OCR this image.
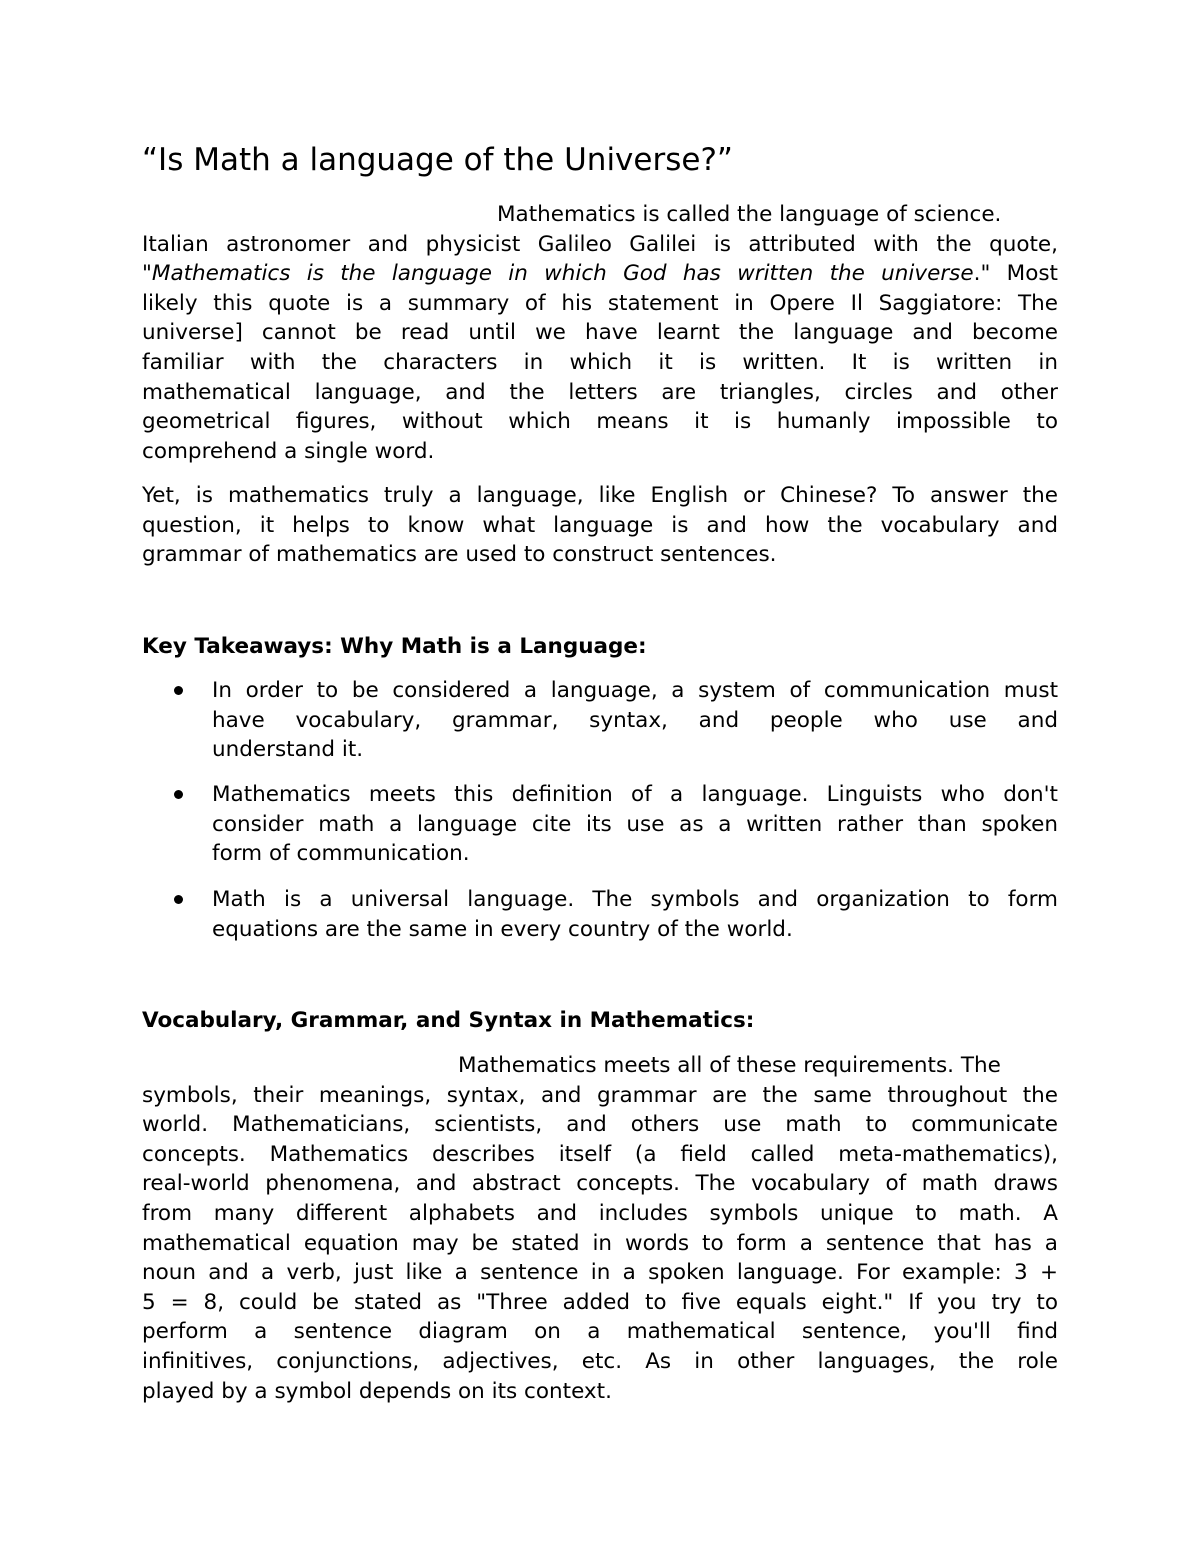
“Is Math a language of the Universe?”
Mathematics is called the language of science.
Italian astronomer and physicist Galileo Galilei is attributed with the quote,
"Mathematics is the language in which God has written the universe." Most
likely this quote is a summary of his statement in Opere Il Saggiatore: The
universe] cannot be read until we have learnt the language and become
familiar with the characters in which it is written. It is written in
mathematical language, and the letters are triangles, circles and other
geometrical figures, without which means it is humanly impossible to
comprehend a single word.
Yet, is mathematics truly a language, like English or Chinese? To answer the
question, it helps to know what language is and how the vocabulary and
grammar of mathematics are used to construct sentences.
Key Takeaways: Why Math is a Language:
In order to be considered a language, a system of communication must
have vocabulary, grammar, syntax, and people who use and
understand it.
Mathematics meets this definition of a language. Linguists who don't
consider math a language cite its use as a written rather than spoken
form of communication.
Math is a universal language. The symbols and organization to form
equations are the same in every country of the world.
Vocabulary, Grammar, and Syntax in Mathematics:
Mathematics meets all of these requirements. The
symbols, their meanings, syntax, and grammar are the same throughout the
world. Mathematicians, scientists, and others use math to communicate
concepts. Mathematics describes itself (a field called meta-mathematics),
real-world phenomena, and abstract concepts. The vocabulary of math draws
from many different alphabets and includes symbols unique to math. A
mathematical equation may be stated in words to form a sentence that has a
noun and a verb, just like a sentence in a spoken language. For example: 3 +
5 = 8, could be stated as "Three added to five equals eight." If you try to
perform a sentence diagram on a mathematical sentence, you'll find
infinitives, conjunctions, adjectives, etc. As in other languages, the role
played by a symbol depends on its context.
